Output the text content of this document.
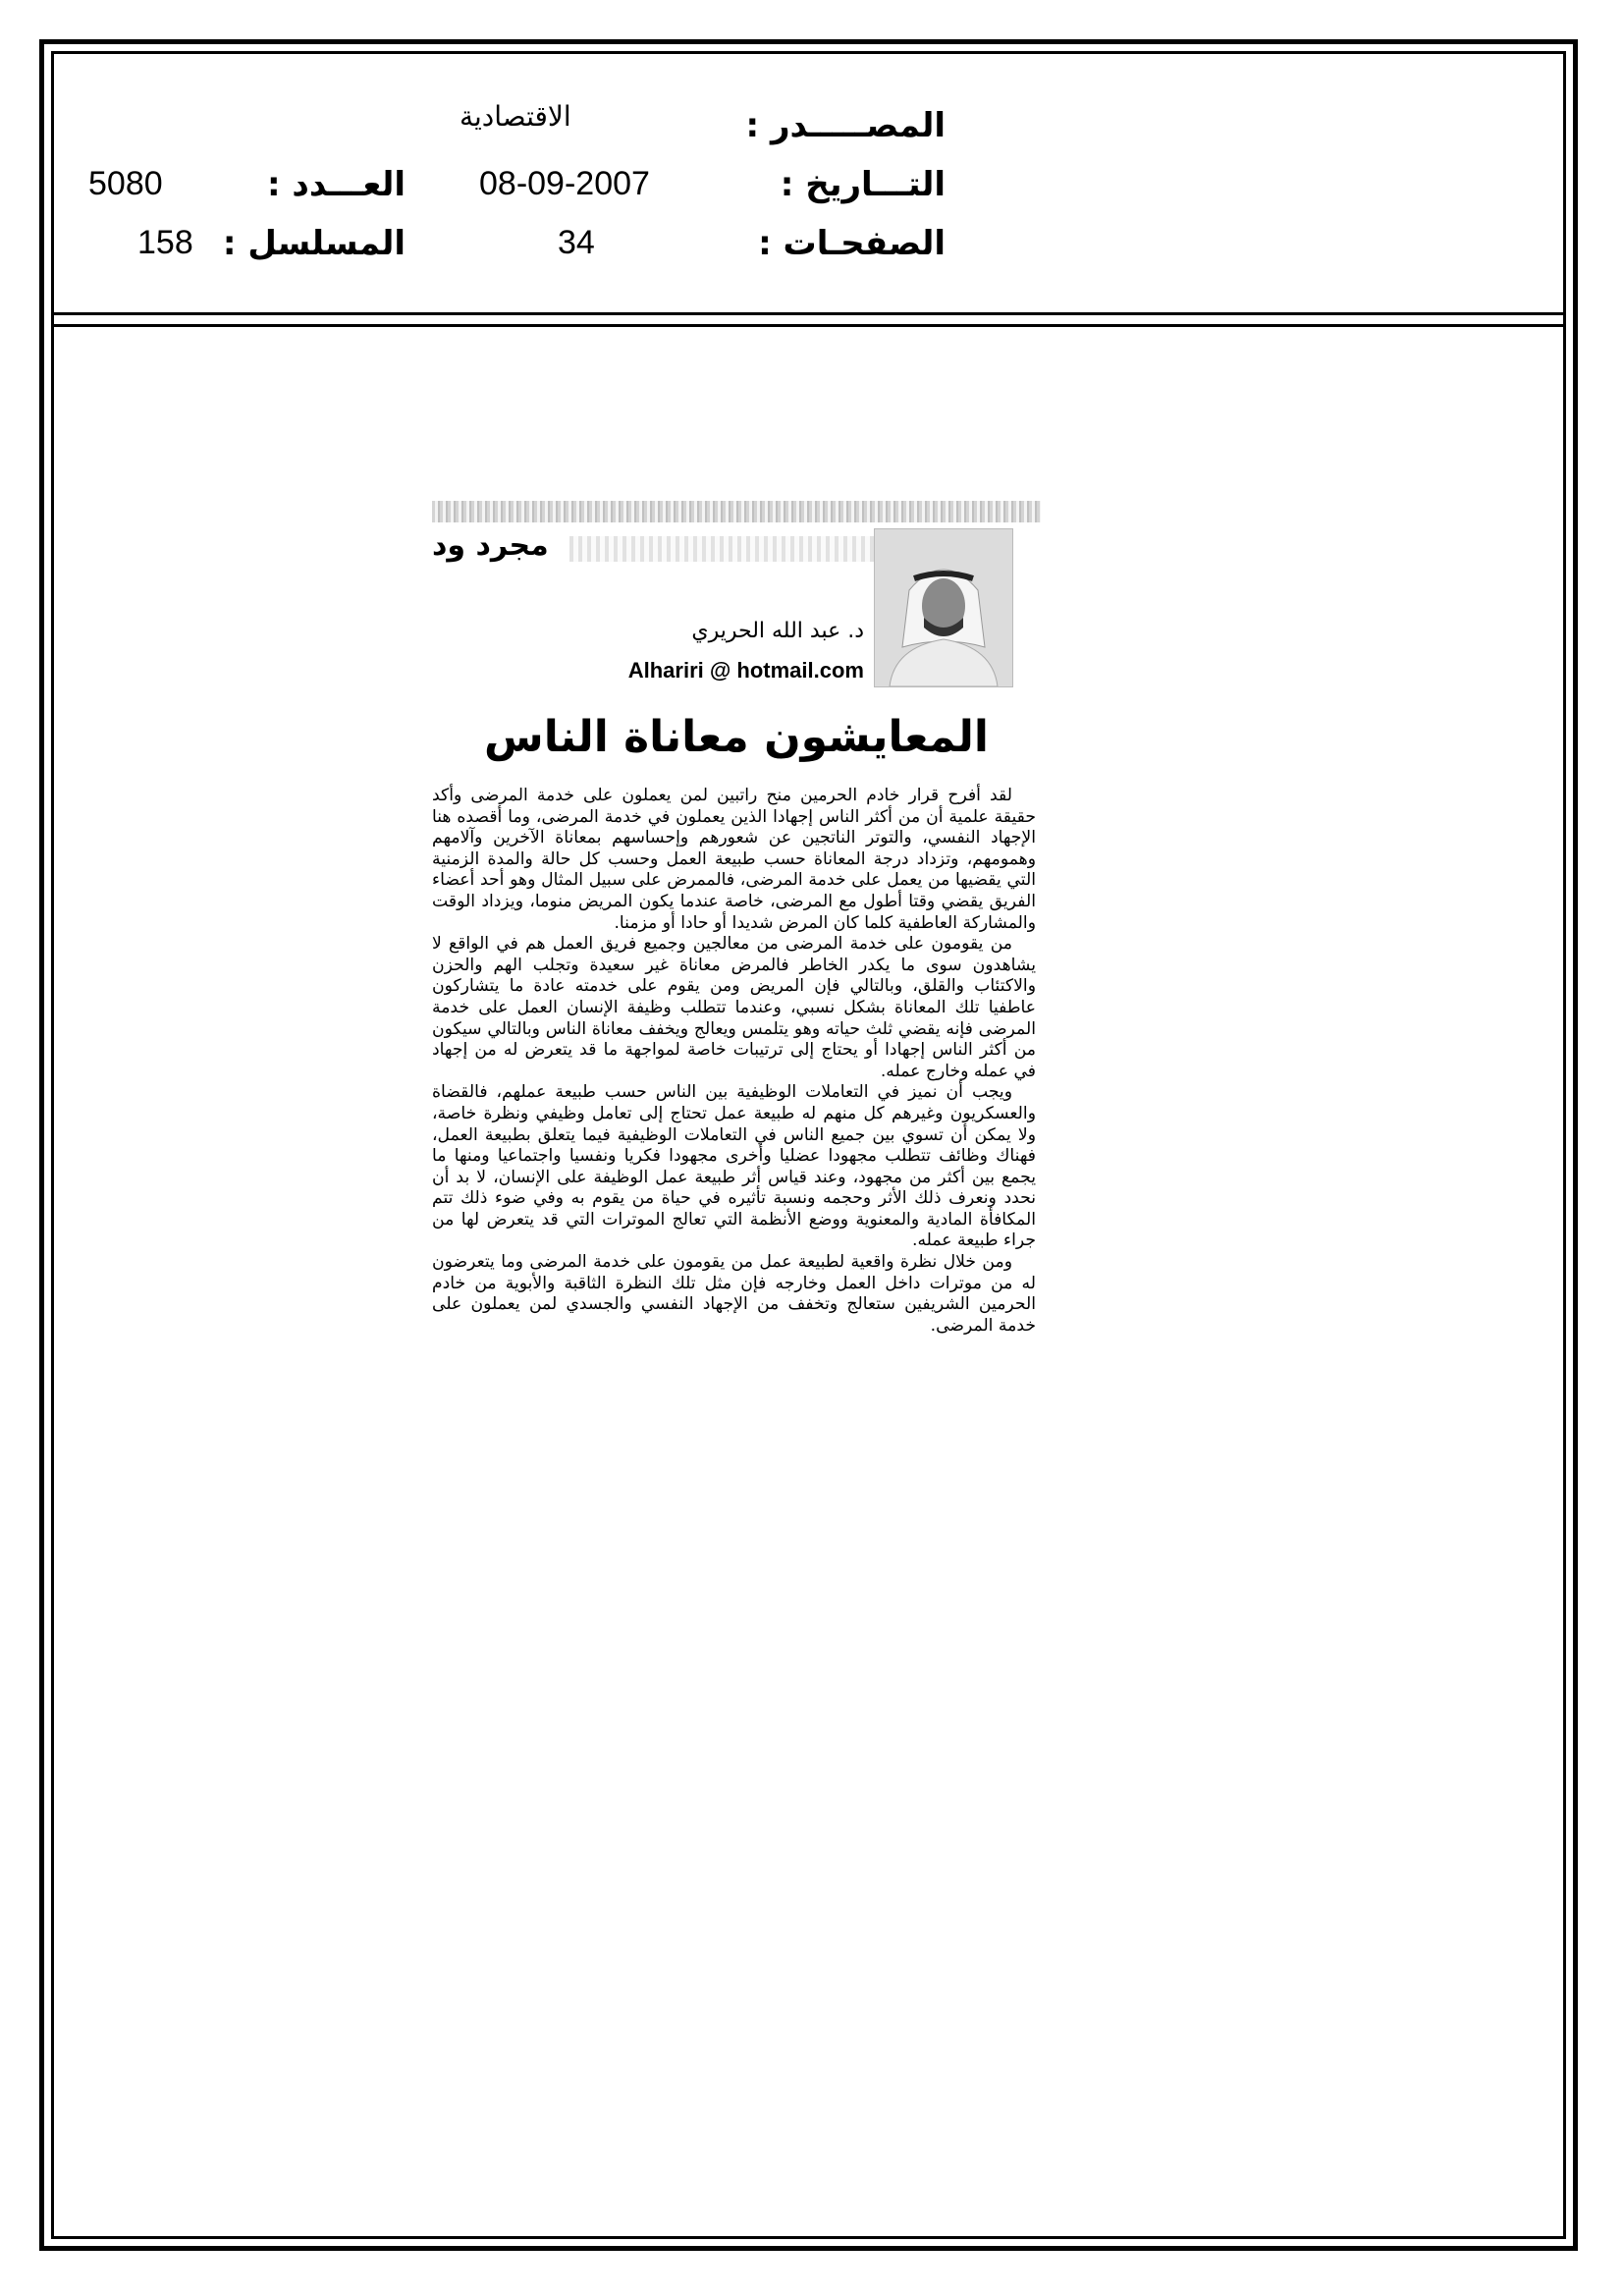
المصـــــدر :
التـــاريخ :
الصفحـات :
الاقتصادية
08-09-2007
34
العـــدد :
المسلسل :
5080
158
مجرد ود
د. عبد الله الحريري
Alhariri @ hotmail.com
المعايشون معاناة الناس

لقد أفرح قرار خادم الحرمين منح راتبين لمن يعملون على خدمة المرضى وأكد حقيقة علمية أن من أكثر الناس إجهادا الذين يعملون في خدمة المرضى، وما أقصده هنا الإجهاد النفسي، والتوتر الناتجين عن شعورهم وإحساسهم بمعاناة الآخرين وآلامهم وهمومهم، وتزداد درجة المعاناة حسب طبيعة العمل وحسب كل حالة والمدة الزمنية التي يقضيها من يعمل على خدمة المرضى، فالممرض على سبيل المثال وهو أحد أعضاء الفريق يقضي وقتا أطول مع المرضى، خاصة عندما يكون المريض منوما، ويزداد الوقت والمشاركة العاطفية كلما كان المرض شديدا أو حادا أو مزمنا.

من يقومون على خدمة المرضى من معالجين وجميع فريق العمل هم في الواقع لا يشاهدون سوى ما يكدر الخاطر فالمرض معاناة غير سعيدة وتجلب الهم والحزن والاكتئاب والقلق، وبالتالي فإن المريض ومن يقوم على خدمته عادة ما يتشاركون عاطفيا تلك المعاناة بشكل نسبي، وعندما تتطلب وظيفة الإنسان العمل على خدمة المرضى فإنه يقضي ثلث حياته وهو يتلمس ويعالج ويخفف معاناة الناس وبالتالي سيكون من أكثر الناس إجهادا أو يحتاج إلى ترتيبات خاصة لمواجهة ما قد يتعرض له من إجهاد في عمله وخارج عمله.

ويجب أن نميز في التعاملات الوظيفية بين الناس حسب طبيعة عملهم، فالقضاة والعسكريون وغيرهم كل منهم له طبيعة عمل تحتاج إلى تعامل وظيفي ونظرة خاصة، ولا يمكن أن تسوي بين جميع الناس في التعاملات الوظيفية فيما يتعلق بطبيعة العمل، فهناك وظائف تتطلب مجهودا عضليا وأخرى مجهودا فكريا ونفسيا واجتماعيا ومنها ما يجمع بين أكثر من مجهود، وعند قياس أثر طبيعة عمل الوظيفة على الإنسان، لا بد أن نحدد ونعرف ذلك الأثر وحجمه ونسبة تأثيره في حياة من يقوم به وفي ضوء ذلك تتم المكافأة المادية والمعنوية ووضع الأنظمة التي تعالج الموترات التي قد يتعرض لها من جراء طبيعة عمله.

ومن خلال نظرة واقعية لطبيعة عمل من يقومون على خدمة المرضى وما يتعرضون له من موترات داخل العمل وخارجه فإن مثل تلك النظرة الثاقبة والأبوية من خادم الحرمين الشريفين ستعالج وتخفف من الإجهاد النفسي والجسدي لمن يعملون على خدمة المرضى.
